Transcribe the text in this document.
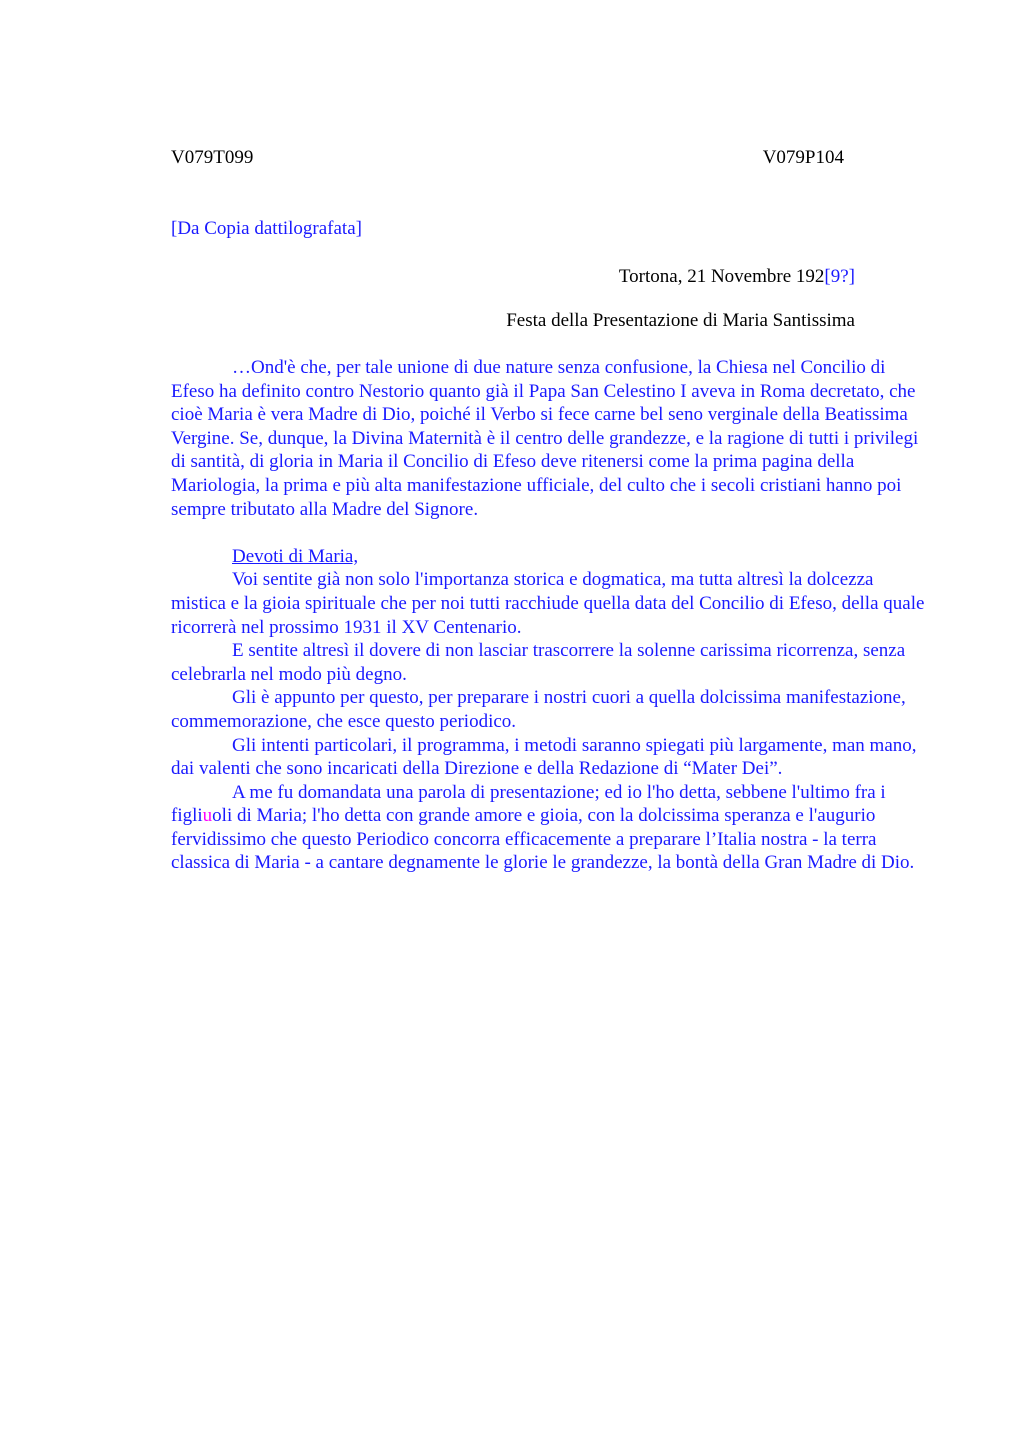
V079T099	V079P104
[Da Copia dattilografata]
Tortona, 21 Novembre 192[9?]
Festa della Presentazione di Maria Santissima

…Ond'è che, per tale unione di due nature senza confusione, la Chiesa nel Concilio di Efeso ha definito contro Nestorio quanto già il Papa San Celestino I aveva in Roma decretato, che cioè Maria è vera Madre di Dio, poiché il Verbo si fece carne bel seno verginale della Beatissima Vergine. Se, dunque, la Divina Maternità è il centro delle grandezze, e la ragione di tutti i privilegi di santità, di gloria in Maria il Concilio di Efeso deve ritenersi come la prima pagina della Mariologia, la prima e più alta manifestazione ufficiale, del culto che i secoli cristiani hanno poi sempre tributato alla Madre del Signore.

Devoti di Maria,

Voi sentite già non solo l'importanza storica e dogmatica, ma tutta altresì la dolcezza mistica e la gioia spirituale che per noi tutti racchiude quella data del Concilio di Efeso, della quale ricorrerà nel prossimo 1931 il XV Centenario.

E sentite altresì il dovere di non lasciar trascorrere la solenne carissima ricorrenza, senza celebrarla nel modo più degno.

Gli è appunto per questo, per preparare i nostri cuori a quella dolcissima manifestazione, commemorazione, che esce questo periodico.

Gli intenti particolari, il programma, i metodi saranno spiegati più largamente, man mano, dai valenti che sono incaricati della Direzione e della Redazione di “Mater Dei”.

A me fu domandata una parola di presentazione; ed io l'ho detta, sebbene l'ultimo fra i figliuoli di Maria; l'ho detta con grande amore e gioia, con la dolcissima speranza e l'augurio fervidissimo che questo Periodico concorra efficacemente a preparare l’Italia nostra - la terra classica di Maria - a cantare degnamente le glorie le grandezze, la bontà della Gran Madre di Dio.
